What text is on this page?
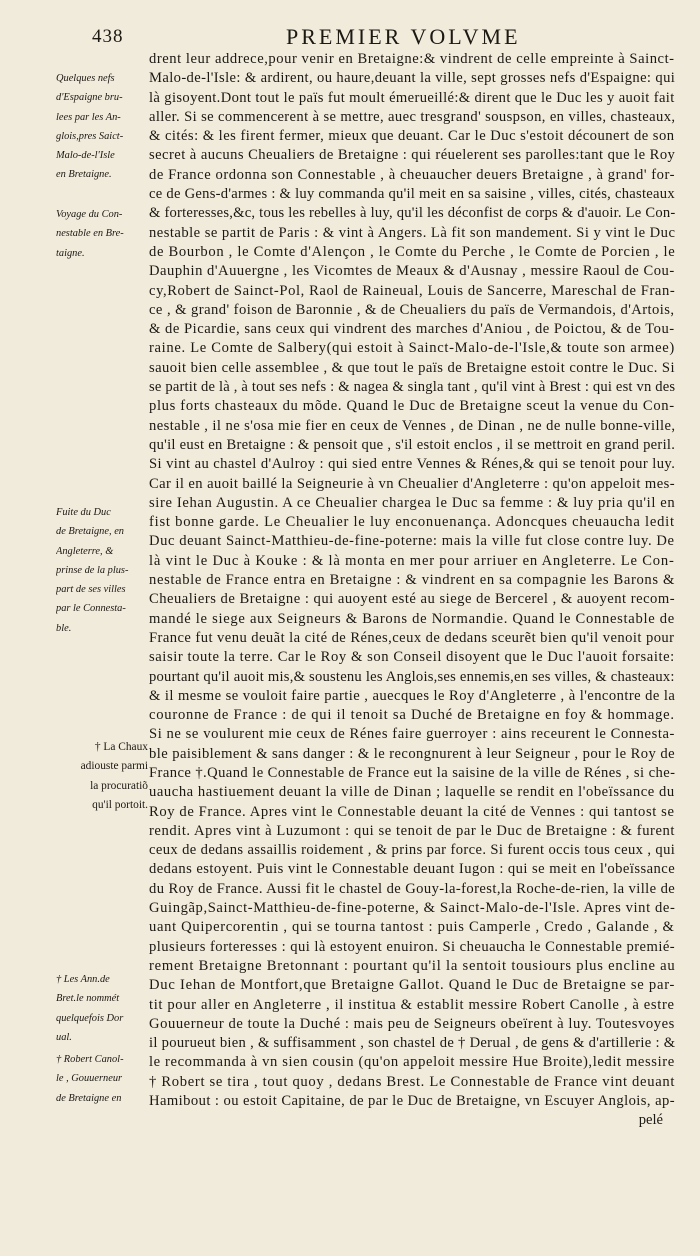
438	PREMIER VOLVME
Quelques nefs
d'Espaigne bru-
lees par les An-
glois,pres Saict-
Malo-de-l'Isle
en Bretaigne.
Voyage du Con-
nestable en Bre-
taigne.
Fuite du Duc
de Bretaigne, en
Angleterre, &
prinse de la plus-
part de ses villes
par le Connesta-
ble.
† La Chaux
adiouste parmi
la procuratiõ
qu'il portoit.
† Les Ann.de
Bret.le nommét
quelquefois Dor
ual.
† Robert Canol-
le , Gouuerneur
de Bretaigne en
drent leur addrece,pour venir en Bretaigne:& vindrent de celle empreinte à Sainct-
Malo-de-l'Isle: & ardirent, ou haure,deuant la ville, sept grosses nefs d'Espaigne: qui
là gisoyent.Dont tout le païs fut moult émerueillé:& dirent que le Duc les y auoit fait
aller. Si se commencerent à se mettre, auec tresgrand' souspson, en villes, chasteaux,
& cités: & les firent fermer, mieux que deuant. Car le Duc s'estoit décounert de son
secret à aucuns Cheualiers de Bretaigne : qui réuelerent ses parolles:tant que le Roy
de France ordonna son Connestable , à cheuaucher deuers Bretaigne , à grand' for-
ce de Gens-d'armes : & luy commanda qu'il meit en sa saisine , villes, cités, chasteaux
& forteresses,&c, tous les rebelles à luy, qu'il les déconfist de corps & d'auoir. Le Con-
nestable se partit de Paris : & vint à Angers. Là fit son mandement. Si y vint le Duc
de Bourbon , le Comte d'Alençon , le Comte du Perche , le Comte de Porcien , le
Dauphin d'Auuergne , les Vicomtes de Meaux & d'Ausnay , messire Raoul de Cou-
cy,Robert de Sainct-Pol, Raol de Raineual, Louis de Sancerre, Mareschal de Fran-
ce , & grand' foison de Baronnie , & de Cheualiers du païs de Vermandois, d'Artois,
& de Picardie, sans ceux qui vindrent des marches d'Aniou , de Poictou, & de Tou-
raine. Le Comte de Salbery(qui estoit à Sainct-Malo-de-l'Isle,& toute son armee)
sauoit bien celle assemblee , & que tout le païs de Bretaigne estoit contre le Duc. Si
se partit de là , à tout ses nefs : & nagea & singla tant , qu'il vint à Brest : qui est vn des
plus forts chasteaux du mõde. Quand le Duc de Bretaigne sceut la venue du Con-
nestable , il ne s'osa mie fier en ceux de Vennes , de Dinan , ne de nulle bonne-ville,
qu'il eust en Bretaigne : & pensoit que , s'il estoit enclos , il se mettroit en grand peril.
Si vint au chastel d'Aulroy : qui sied entre Vennes & Rénes,& qui se tenoit pour luy.
Car il en auoit baillé la Seigneurie à vn Cheualier d'Angleterre : qu'on appeloit mes-
sire Iehan Augustin. A ce Cheualier chargea le Duc sa femme : & luy pria qu'il en
fist bonne garde. Le Cheualier le luy enconuenança. Adoncques cheuaucha ledit
Duc deuant Sainct-Matthieu-de-fine-poterne: mais la ville fut close contre luy. De
là vint le Duc à Kouke : & là monta en mer pour arriuer en Angleterre. Le Con-
nestable de France entra en Bretaigne : & vindrent en sa compagnie les Barons &
Cheualiers de Bretaigne : qui auoyent esté au siege de Bercerel , & auoyent recom-
mandé le siege aux Seigneurs & Barons de Normandie. Quand le Connestable de
France fut venu deuãt la cité de Rénes,ceux de dedans sceurẽt bien qu'il venoit pour
saisir toute la terre. Car le Roy & son Conseil disoyent que le Duc l'auoit forsaite:
pourtant qu'il auoit mis,& soustenu les Anglois,ses ennemis,en ses villes, & chasteaux:
& il mesme se vouloit faire partie , auecques le Roy d'Angleterre , à l'encontre de la
couronne de France : de qui il tenoit sa Duché de Bretaigne en foy & hommage.
Si ne se voulurent mie ceux de Rénes faire guerroyer : ains receurent le Connesta-
ble paisiblement & sans danger : & le recongnurent à leur Seigneur , pour le Roy de
France †.Quand le Connestable de France eut la saisine de la ville de Rénes , si che-
uaucha hastiuement deuant la ville de Dinan ; laquelle se rendit en l'obeïssance du
Roy de France. Apres vint le Connestable deuant la cité de Vennes : qui tantost se
rendit. Apres vint à Luzumont : qui se tenoit de par le Duc de Bretaigne : & furent
ceux de dedans assaillis roidement , & prins par force. Si furent occis tous ceux , qui
dedans estoyent. Puis vint le Connestable deuant Iugon : qui se meit en l'obeïssance
du Roy de France. Aussi fit le chastel de Gouy-la-forest,la Roche-de-rien, la ville de
Guingãp,Sainct-Matthieu-de-fine-poterne, & Sainct-Malo-de-l'Isle. Apres vint de-
uant Quipercorentin , qui se tourna tantost : puis Camperle , Credo , Galande , &
plusieurs forteresses : qui là estoyent enuiron. Si cheuaucha le Connestable premié-
rement Bretaigne Bretonnant : pourtant qu'il la sentoit tousiours plus encline au
Duc Iehan de Montfort,que Bretaigne Gallot. Quand le Duc de Bretaigne se par-
tit pour aller en Angleterre , il institua & establit messire Robert Canolle , à estre
Gouuerneur de toute la Duché : mais peu de Seigneurs obeïrent à luy. Toutesvoyes
il pourueut bien , & suffisamment , son chastel de † Derual , de gens & d'artillerie : &
le recommanda à vn sien cousin (qu'on appeloit messire Hue Broite),ledit messire
† Robert se tira , tout quoy , dedans Brest. Le Connestable de France vint deuant
Hamibout : ou estoit Capitaine, de par le Duc de Bretaigne, vn Escuyer Anglois, ap-
pelé
